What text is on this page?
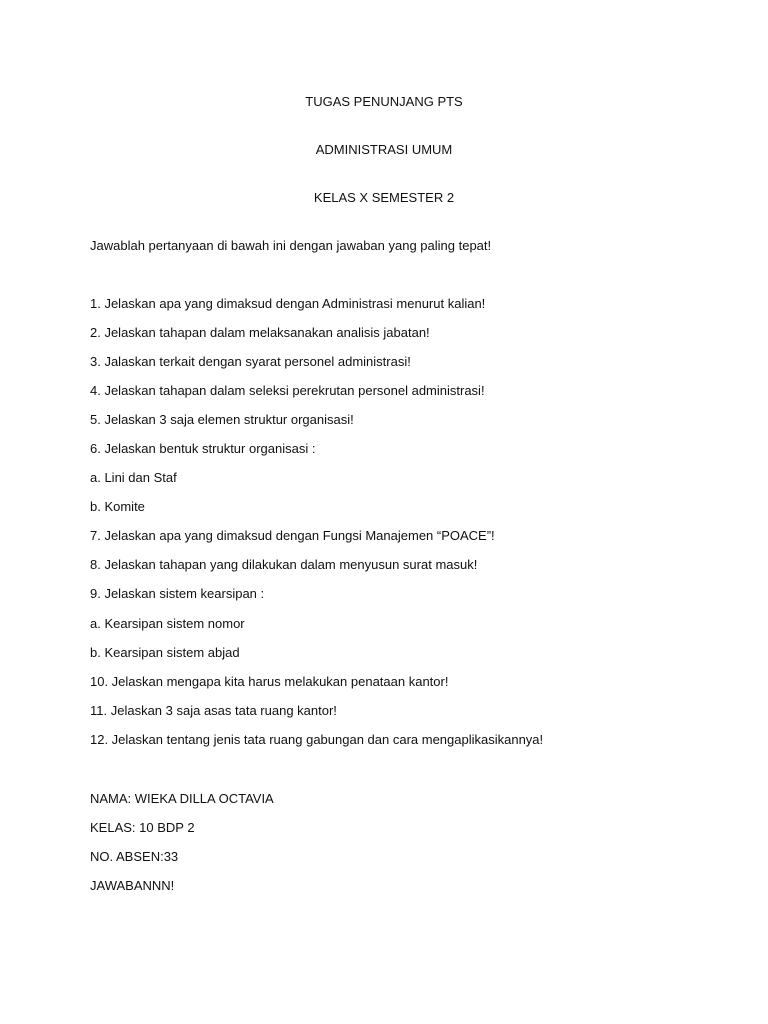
TUGAS PENUNJANG PTS
ADMINISTRASI UMUM
KELAS X SEMESTER 2
Jawablah pertanyaan di bawah ini dengan jawaban yang paling tepat!
1. Jelaskan apa yang dimaksud dengan Administrasi menurut kalian!
2. Jelaskan tahapan dalam melaksanakan analisis jabatan!
3. Jalaskan terkait dengan syarat personel administrasi!
4. Jelaskan tahapan dalam seleksi perekrutan personel administrasi!
5. Jelaskan 3 saja elemen struktur organisasi!
6. Jelaskan bentuk struktur organisasi :
a. Lini dan Staf
b. Komite
7. Jelaskan apa yang dimaksud dengan Fungsi Manajemen “POACE”!
8. Jelaskan tahapan yang dilakukan dalam menyusun surat masuk!
9. Jelaskan sistem kearsipan :
a. Kearsipan sistem nomor
b. Kearsipan sistem abjad
10. Jelaskan mengapa kita harus melakukan penataan kantor!
11. Jelaskan 3 saja asas tata ruang kantor!
12. Jelaskan tentang jenis tata ruang gabungan dan cara mengaplikasikannya!
NAMA: WIEKA DILLA OCTAVIA
KELAS: 10 BDP 2
NO. ABSEN:33
JAWABANNN!
